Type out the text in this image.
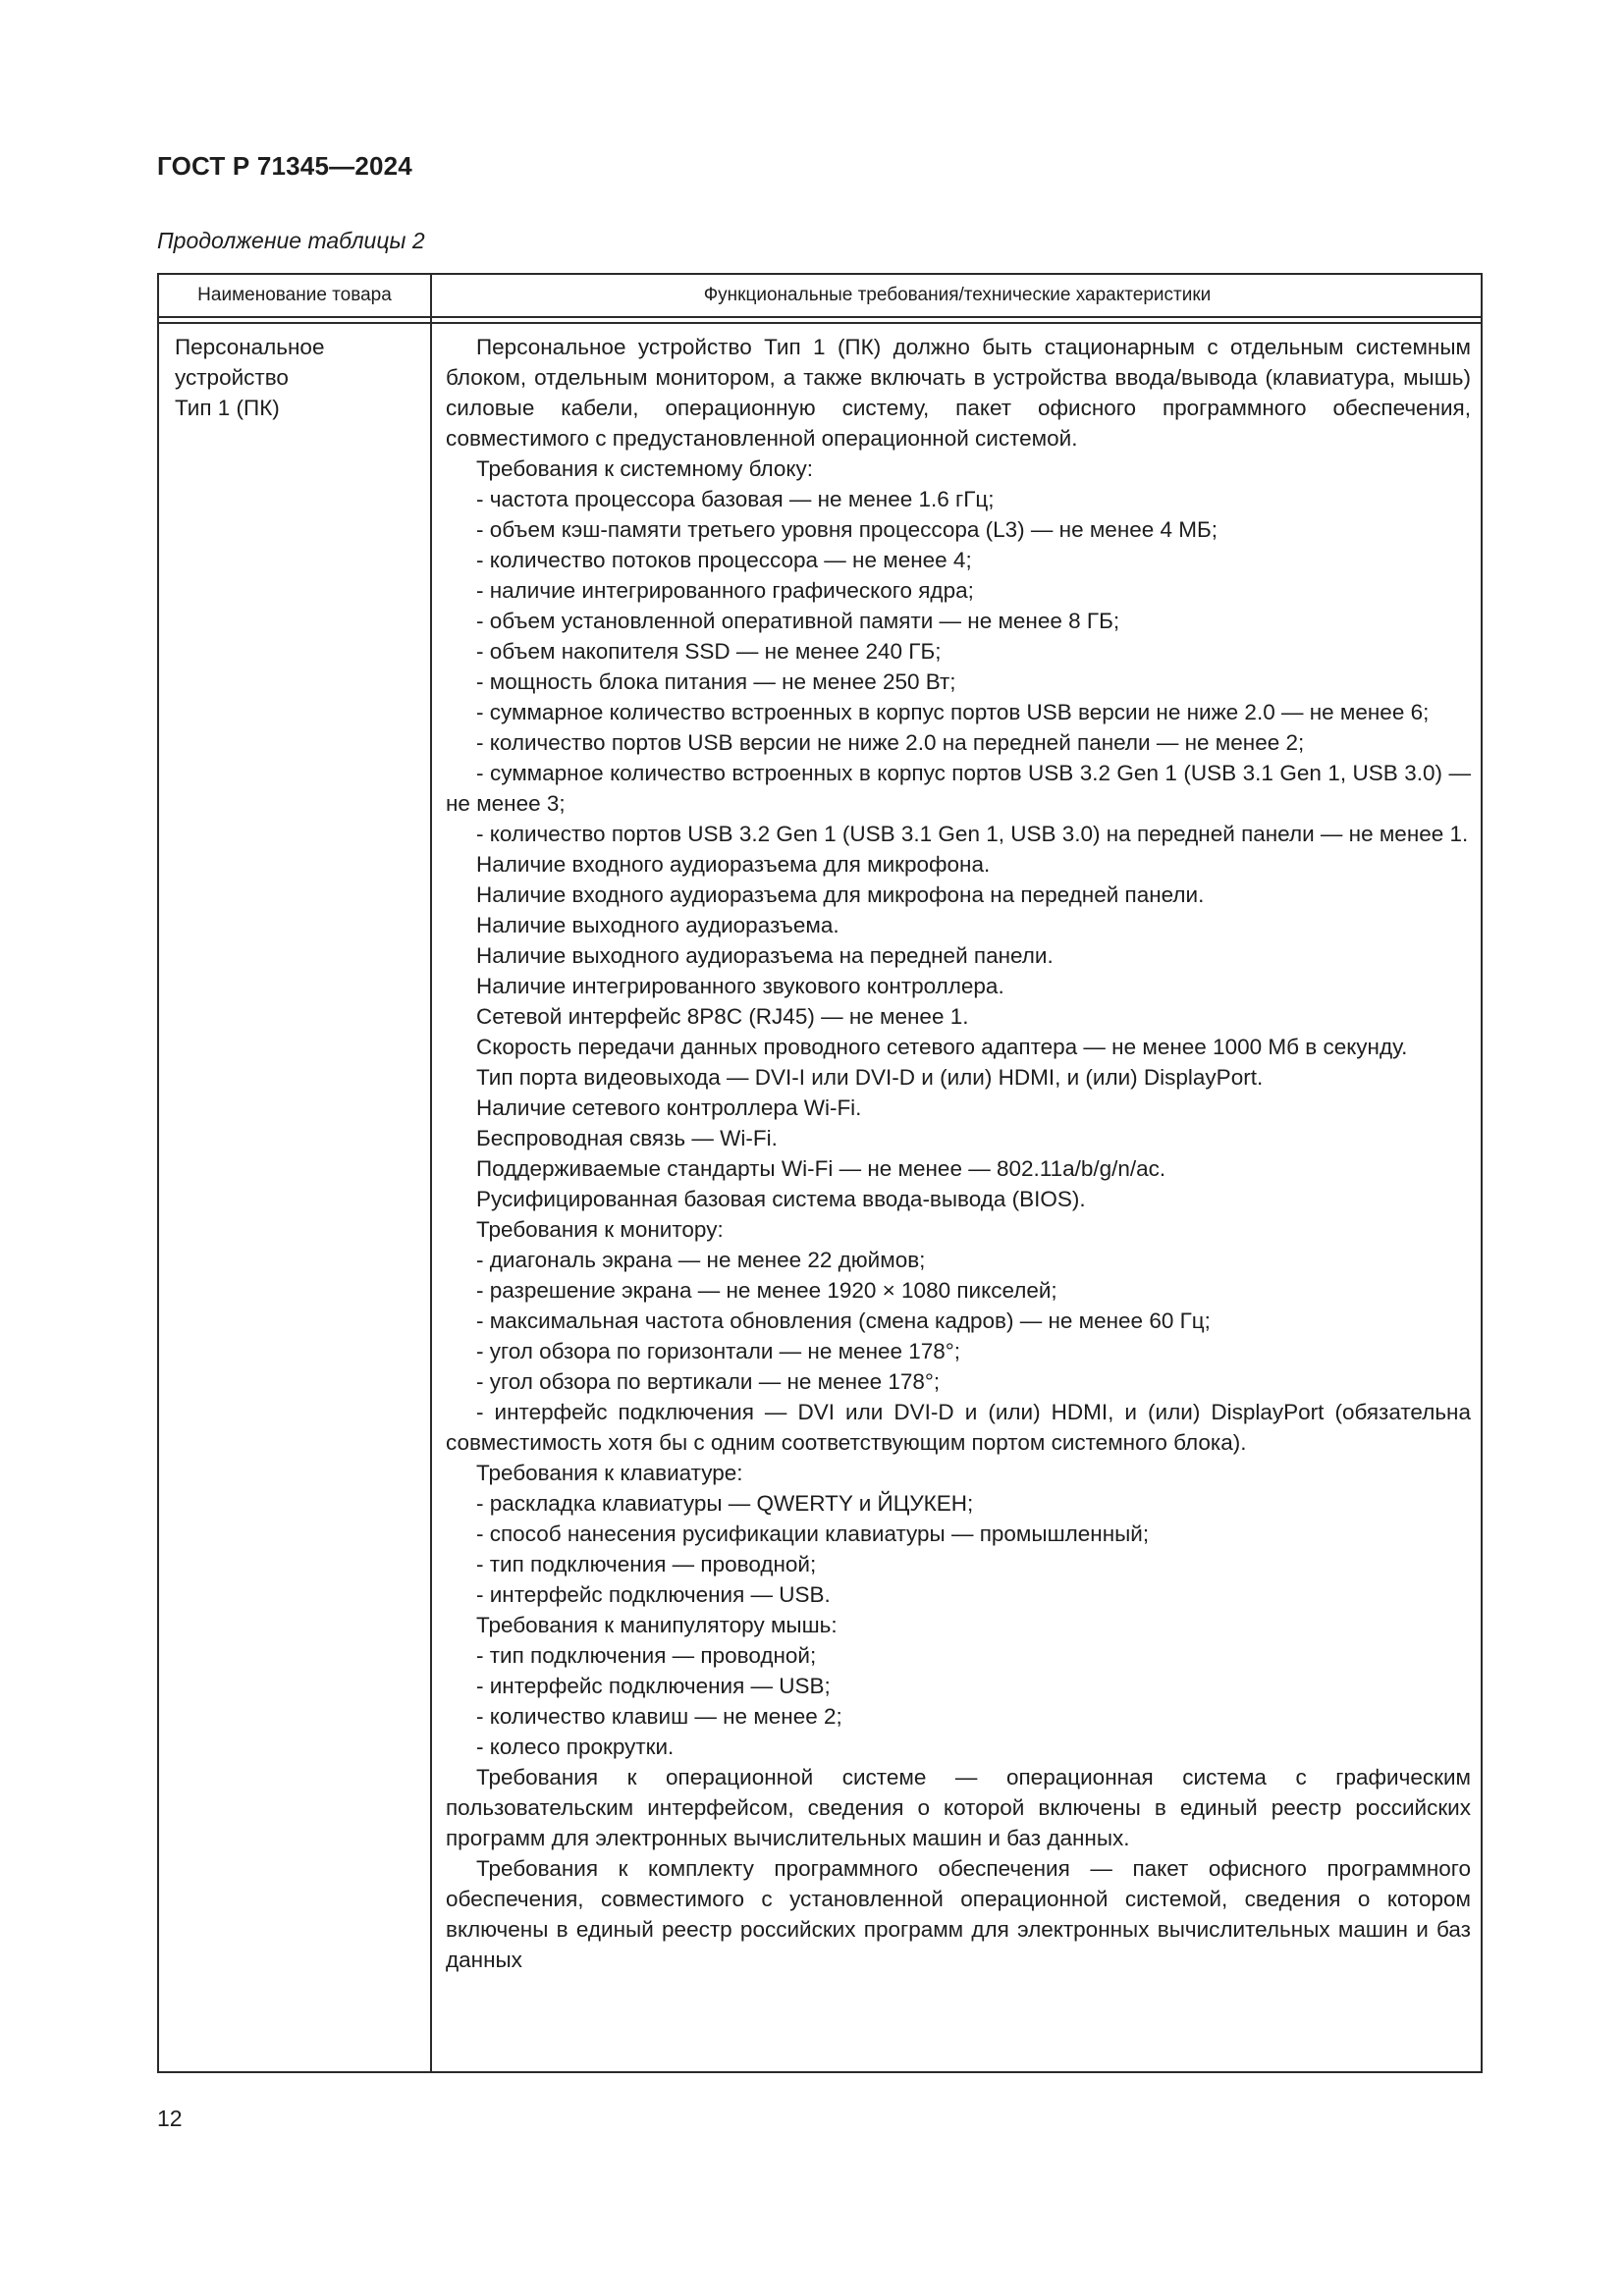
ГОСТ Р 71345—2024
Продолжение таблицы 2
Наименование товара	Функциональные требования/технические характеристики
Персональное
устройство
Тип 1 (ПК)

Персональное устройство Тип 1 (ПК) должно быть стационарным с отдельным системным блоком, отдельным монитором, а также включать в устройства ввода/вывода (клавиатура, мышь) силовые кабели, операционную систему, пакет офисного программного обеспечения, совместимого с предустановленной операционной системой.

Требования к системному блоку:

- частота процессора базовая — не менее 1.6 гГц;

- объем кэш-памяти третьего уровня процессора (L3) — не менее 4 МБ;

- количество потоков процессора — не менее 4;

- наличие интегрированного графического ядра;

- объем установленной оперативной памяти — не менее 8 ГБ;

- объем накопителя SSD — не менее 240 ГБ;

- мощность блока питания — не менее 250 Вт;

- суммарное количество встроенных в корпус портов USB версии не ниже 2.0 — не менее 6;

- количество портов USB версии не ниже 2.0 на передней панели — не менее 2;

- суммарное количество встроенных в корпус портов USB 3.2 Gen 1 (USB 3.1 Gen 1, USB 3.0) — не менее 3;

- количество портов USB 3.2 Gen 1 (USB 3.1 Gen 1, USB 3.0) на передней панели — не менее 1.

Наличие входного аудиоразъема для микрофона.

Наличие входного аудиоразъема для микрофона на передней панели.

Наличие выходного аудиоразъема.

Наличие выходного аудиоразъема на передней панели.

Наличие интегрированного звукового контроллера.

Сетевой интерфейс 8P8C (RJ45) — не менее 1.

Скорость передачи данных проводного сетевого адаптера — не менее 1000 Мб в секунду.

Тип порта видеовыхода — DVI-I или DVI-D и (или) HDMI, и (или) DisplayPort.

Наличие сетевого контроллера Wi-Fi.

Беспроводная связь — Wi-Fi.

Поддерживаемые стандарты Wi-Fi — не менее — 802.11a/b/g/n/ac.

Русифицированная базовая система ввода-вывода (BIOS).

Требования к монитору:

- диагональ экрана — не менее 22 дюймов;

- разрешение экрана — не менее 1920 × 1080 пикселей;

- максимальная частота обновления (смена кадров) — не менее 60 Гц;

- угол обзора по горизонтали — не менее 178°;

- угол обзора по вертикали — не менее 178°;

- интерфейс подключения — DVI или DVI-D и (или) HDMI, и (или) DisplayPort (обязательна совместимость хотя бы с одним соответствующим портом системного блока).

Требования к клавиатуре:

- раскладка клавиатуры — QWERTY и ЙЦУКЕН;

- способ нанесения русификации клавиатуры — промышленный;

- тип подключения — проводной;

- интерфейс подключения — USB.

Требования к манипулятору мышь:

- тип подключения — проводной;

- интерфейс подключения — USB;

- количество клавиш — не менее 2;

- колесо прокрутки.

Требования к операционной системе — операционная система с графическим пользовательским интерфейсом, сведения о которой включены в единый реестр российских программ для электронных вычислительных машин и баз данных.

Требования к комплекту программного обеспечения — пакет офисного программного обеспечения, совместимого с установленной операционной системой, сведения о котором включены в единый реестр российских программ для электронных вычислительных машин и баз данных

12
